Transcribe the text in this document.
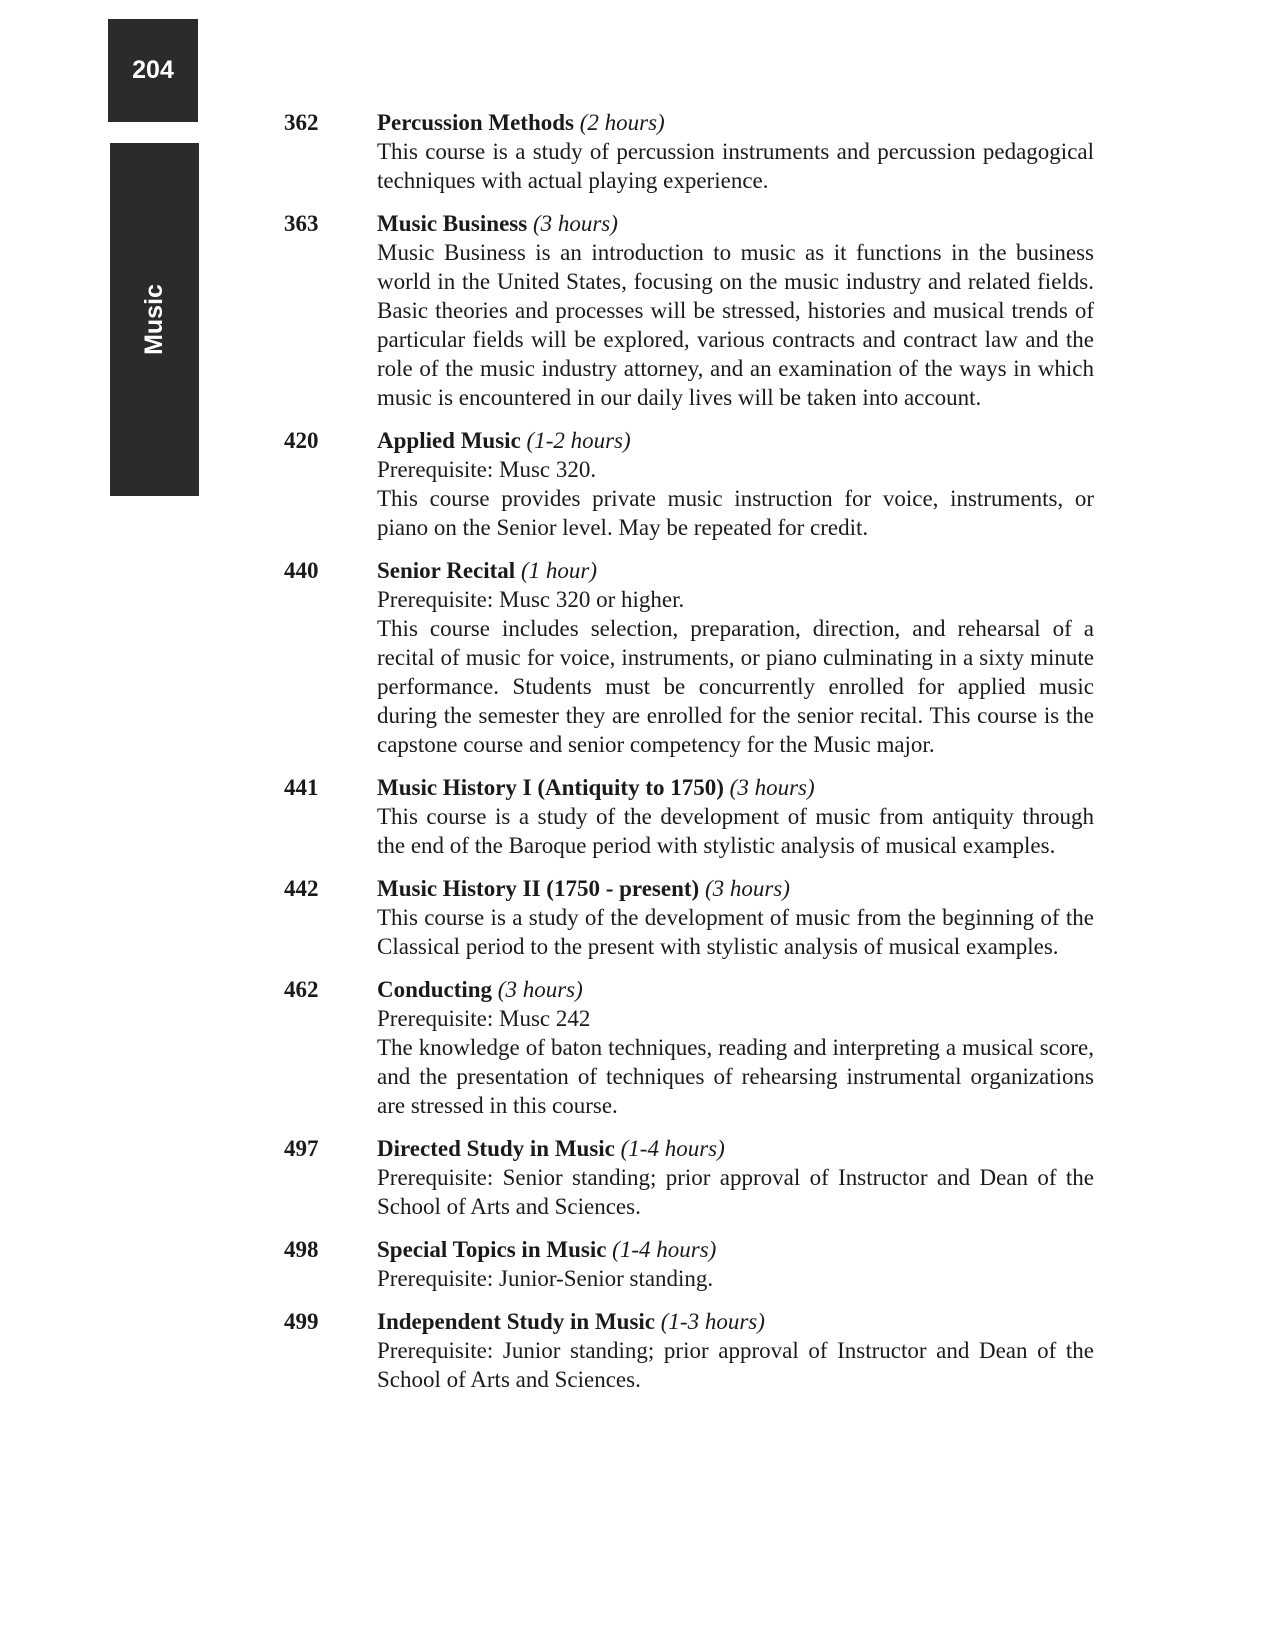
204
Music
362	Percussion Methods (2 hours)
This course is a study of percussion instruments and percussion pedagogical techniques with actual playing experience.
363	Music Business (3 hours)
Music Business is an introduction to music as it functions in the business world in the United States, focusing on the music industry and related fields. Basic theories and processes will be stressed, histories and musical trends of particular fields will be explored, various contracts and contract law and the role of the music industry attorney, and an examination of the ways in which music is encountered in our daily lives will be taken into account.
420	Applied Music (1-2 hours)
Prerequisite: Musc 320.
This course provides private music instruction for voice, instruments, or piano on the Senior level. May be repeated for credit.
440	Senior Recital (1 hour)
Prerequisite: Musc 320 or higher.
This course includes selection, preparation, direction, and rehearsal of a recital of music for voice, instruments, or piano culminating in a sixty minute performance. Students must be concurrently enrolled for applied music during the semester they are enrolled for the senior recital. This course is the capstone course and senior competency for the Music major.
441	Music History I (Antiquity to 1750) (3 hours)
This course is a study of the development of music from antiquity through the end of the Baroque period with stylistic analysis of musical examples.
442	Music History II (1750 - present) (3 hours)
This course is a study of the development of music from the beginning of the Classical period to the present with stylistic analysis of musical examples.
462	Conducting (3 hours)
Prerequisite: Musc 242
The knowledge of baton techniques, reading and interpreting a musical score, and the presentation of techniques of rehearsing instrumental organizations are stressed in this course.
497	Directed Study in Music (1-4 hours)
Prerequisite: Senior standing; prior approval of Instructor and Dean of the School of Arts and Sciences.
498	Special Topics in Music (1-4 hours)
Prerequisite: Junior-Senior standing.
499	Independent Study in Music (1-3 hours)
Prerequisite: Junior standing; prior approval of Instructor and Dean of the School of Arts and Sciences.
